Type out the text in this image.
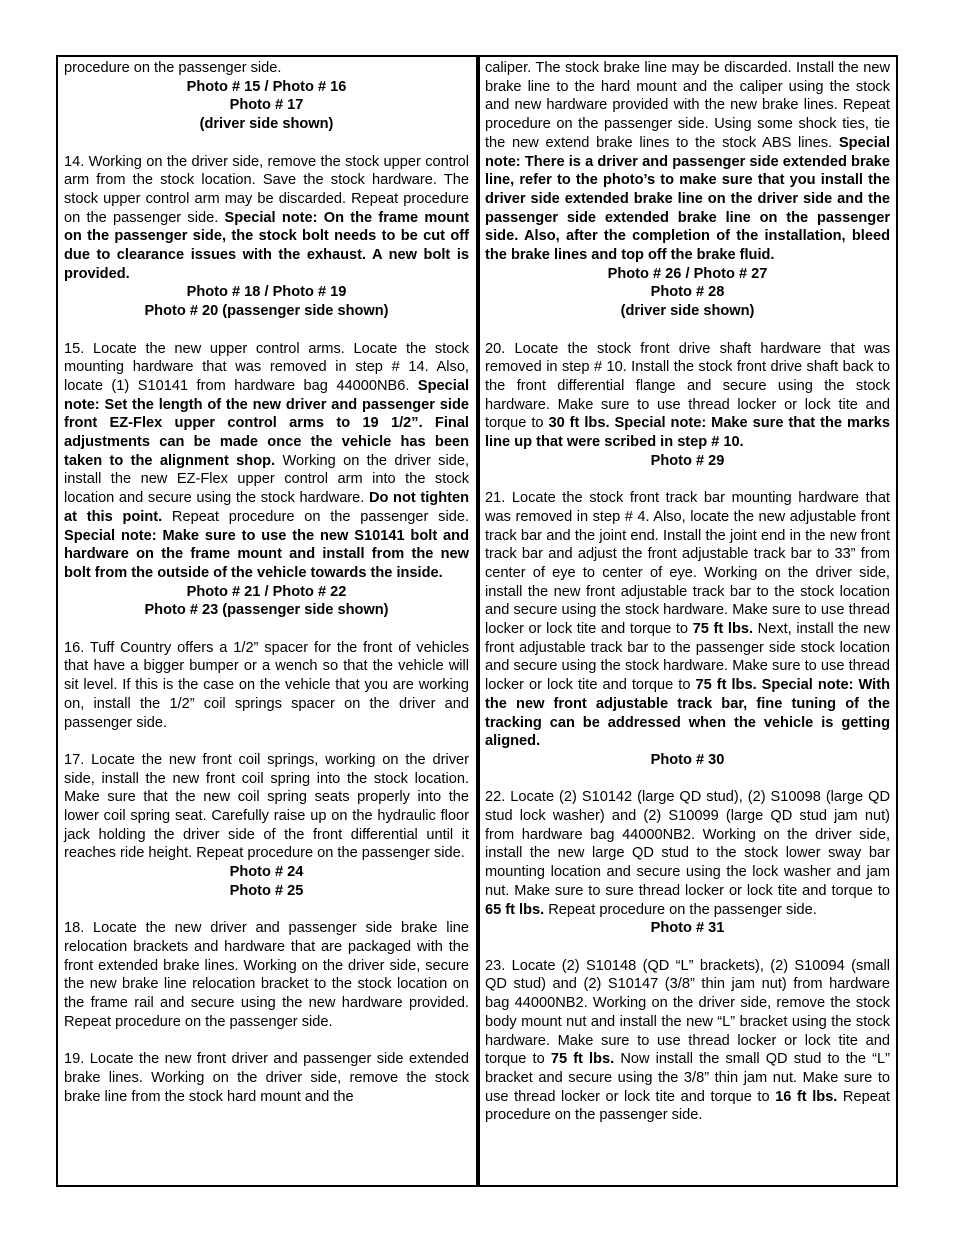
procedure on the passenger side.

Photo # 15 / Photo # 16

Photo # 17

(driver side shown)

14. Working on the driver side, remove the stock upper control arm from the stock location. Save the stock hardware. The stock upper control arm may be discarded. Repeat procedure on the passenger side. Special note: On the frame mount on the passenger side, the stock bolt needs to be cut off due to clearance issues with the exhaust. A new bolt is provided.

Photo # 18 / Photo # 19

Photo # 20 (passenger side shown)

15. Locate the new upper control arms. Locate the stock mounting hardware that was removed in step # 14. Also, locate (1) S10141 from hardware bag 44000NB6. Special note: Set the length of the new driver and passenger side front EZ-Flex upper control arms to 19 1/2”. Final adjustments can be made once the vehicle has been taken to the alignment shop. Working on the driver side, install the new EZ-Flex upper control arm into the stock location and secure using the stock hardware. Do not tighten at this point. Repeat procedure on the passenger side. Special note: Make sure to use the new S10141 bolt and hardware on the frame mount and install from the new bolt from the outside of the vehicle towards the inside.

Photo # 21 / Photo # 22

Photo # 23 (passenger side shown)

16. Tuff Country offers a 1/2” spacer for the front of vehicles that have a bigger bumper or a wench so that the vehicle will sit level. If this is the case on the vehicle that you are working on, install the 1/2” coil springs spacer on the driver and passenger side.

17. Locate the new front coil springs, working on the driver side, install the new front coil spring into the stock location. Make sure that the new coil spring seats properly into the lower coil spring seat. Carefully raise up on the hydraulic floor jack holding the driver side of the front differential until it reaches ride height. Repeat procedure on the passenger side.

Photo # 24

Photo # 25

18. Locate the new driver and passenger side brake line relocation brackets and hardware that are packaged with the front extended brake lines. Working on the driver side, secure the new brake line relocation bracket to the stock location on the frame rail and secure using the new hardware provided. Repeat procedure on the passenger side.

19. Locate the new front driver and passenger side extended brake lines. Working on the driver side, remove the stock brake line from the stock hard mount and the

caliper. The stock brake line may be discarded. Install the new brake line to the hard mount and the caliper using the stock and new hardware provided with the new brake lines. Repeat procedure on the passenger side. Using some shock ties, tie the new extend brake lines to the stock ABS lines. Special note: There is a driver and passenger side extended brake line, refer to the photo’s to make sure that you install the driver side extended brake line on the driver side and the passenger side extended brake line on the passenger side. Also, after the completion of the installation, bleed the brake lines and top off the brake fluid.

Photo # 26 / Photo # 27

Photo # 28

(driver side shown)

20. Locate the stock front drive shaft hardware that was removed in step # 10. Install the stock front drive shaft back to the front differential flange and secure using the stock hardware. Make sure to use thread locker or lock tite and torque to 30 ft lbs. Special note: Make sure that the marks line up that were scribed in step # 10.

Photo # 29

21. Locate the stock front track bar mounting hardware that was removed in step # 4. Also, locate the new adjustable front track bar and the joint end. Install the joint end in the new front track bar and adjust the front adjustable track bar to 33” from center of eye to center of eye. Working on the driver side, install the new front adjustable track bar to the stock location and secure using the stock hardware. Make sure to use thread locker or lock tite and torque to 75 ft lbs. Next, install the new front adjustable track bar to the passenger side stock location and secure using the stock hardware. Make sure to use thread locker or lock tite and torque to 75 ft lbs. Special note: With the new front adjustable track bar, fine tuning of the tracking can be addressed when the vehicle is getting aligned.

Photo # 30

22. Locate (2) S10142 (large QD stud), (2) S10098 (large QD stud lock washer) and (2) S10099 (large QD stud jam nut) from hardware bag 44000NB2. Working on the driver side, install the new large QD stud to the stock lower sway bar mounting location and secure using the lock washer and jam nut. Make sure to sure thread locker or lock tite and torque to 65 ft lbs. Repeat procedure on the passenger side.

Photo # 31

23. Locate (2) S10148 (QD “L” brackets), (2) S10094 (small QD stud) and (2) S10147 (3/8” thin jam nut) from hardware bag 44000NB2. Working on the driver side, remove the stock body mount nut and install the new “L” bracket using the stock hardware. Make sure to use thread locker or lock tite and torque to 75 ft lbs. Now install the small QD stud to the “L” bracket and secure using the 3/8” thin jam nut. Make sure to use thread locker or lock tite and torque to 16 ft lbs. Repeat procedure on the passenger side.
